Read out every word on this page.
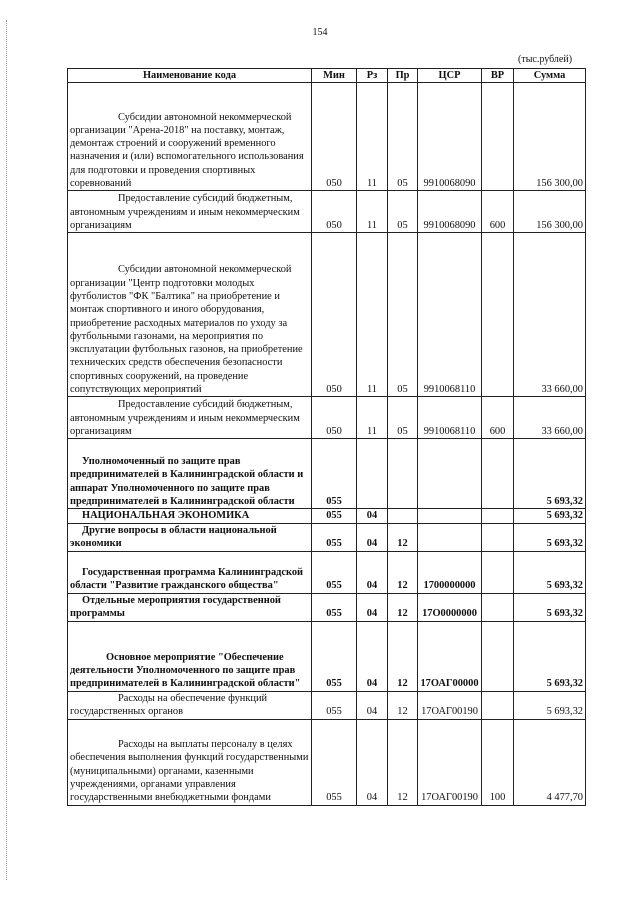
154
(тыс.рублей)
Наименование кода	Мин	Рз	Пр	ЦСР	ВР	Сумма

Субсидии автономной некоммерческой организации "Арена-2018" на поставку, монтаж, демонтаж строений и сооружений временного назначения и (или) вспомогательного использования для подготовки и проведения спортивных соревнований	050	11	05	9910068090		156 300,00

Предоставление субсидий бюджетным, автономным учреждениям и иным некоммерческим организациям	050	11	05	9910068090	600	156 300,00

Субсидии автономной некоммерческой организации "Центр подготовки молодых футболистов "ФК "Балтика" на приобретение и монтаж спортивного и иного оборудования, приобретение расходных материалов по уходу за футбольными газонами, на мероприятия по эксплуатации футбольных газонов, на приобретение технических средств обеспечения безопасности спортивных сооружений, на проведение сопутствующих мероприятий	050	11	05	9910068110		33 660,00

Предоставление субсидий бюджетным, автономным учреждениям и иным некоммерческим организациям	050	11	05	9910068110	600	33 660,00

Уполномоченный по защите прав предпринимателей в Калининградской области и аппарат Уполномоченного по защите прав предпринимателей в Калининградской области	055					5 693,32

НАЦИОНАЛЬНАЯ ЭКОНОМИКА	055	04				5 693,32

Другие вопросы в области национальной экономики	055	04	12			5 693,32

Государственная программа Калининградской области "Развитие гражданского общества"	055	04	12	1700000000		5 693,32

Отдельные мероприятия государственной программы	055	04	12	17О0000000		5 693,32

Основное мероприятие "Обеспечение деятельности Уполномоченного по защите прав предпринимателей в Калининградской области"	055	04	12	17ОАГ00000		5 693,32

Расходы на обеспечение функций государственных органов	055	04	12	17ОАГ00190		5 693,32

Расходы на выплаты персоналу в целях обеспечения выполнения функций государственными (муниципальными) органами, казенными учреждениями, органами управления государственными внебюджетными фондами	055	04	12	17ОАГ00190	100	4 477,70
